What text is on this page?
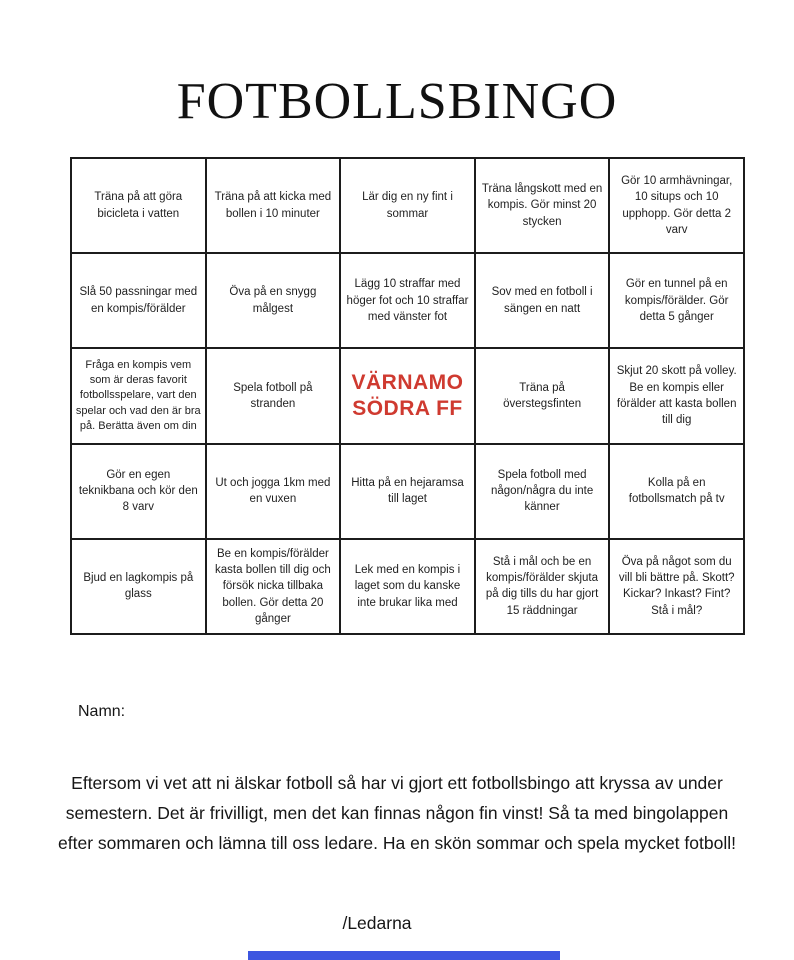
FOTBOLLSBINGO
Träna på att göra bicicleta i vatten
Träna på att kicka med bollen i 10 minuter
Lär dig en ny fint i sommar
Träna långskott med en kompis. Gör minst 20 stycken
Gör 10 armhävningar, 10 situps och 10 upphopp. Gör detta 2 varv
Slå 50 passningar med en kompis/förälder
Öva på en snygg målgest
Lägg 10 straffar med höger fot och 10 straffar med vänster fot
Sov med en fotboll i sängen en natt
Gör en tunnel på en kompis/förälder. Gör detta 5 gånger
Fråga en kompis vem som är deras favorit fotbollsspelare, vart den spelar och vad den är bra på. Berätta även om din
Spela fotboll på stranden
VÄRNAMO SÖDRA FF
Träna på överstegsfinten
Skjut 20 skott på volley. Be en kompis eller förälder att kasta bollen till dig
Gör en egen teknikbana och kör den 8 varv
Ut och jogga 1km med en vuxen
Hitta på en hejaramsa till laget
Spela fotboll med någon/några du inte känner
Kolla på en fotbollsmatch på tv
Bjud en lagkompis på glass
Be en kompis/förälder kasta bollen till dig och försök nicka tillbaka bollen. Gör detta 20 gånger
Lek med en kompis i laget som du kanske inte brukar lika med
Stå i mål och be en kompis/förälder skjuta på dig tills du har gjort 15 räddningar
Öva på något som du vill bli bättre på. Skott? Kickar? Inkast? Fint? Stå i mål?
Namn:

Eftersom vi vet att ni älskar fotboll så har vi gjort ett fotbollsbingo att kryssa av under semestern. Det är frivilligt, men det kan finnas någon fin vinst! Så ta med bingolappen efter sommaren och lämna till oss ledare. Ha en skön sommar och spela mycket fotboll!

/Ledarna
